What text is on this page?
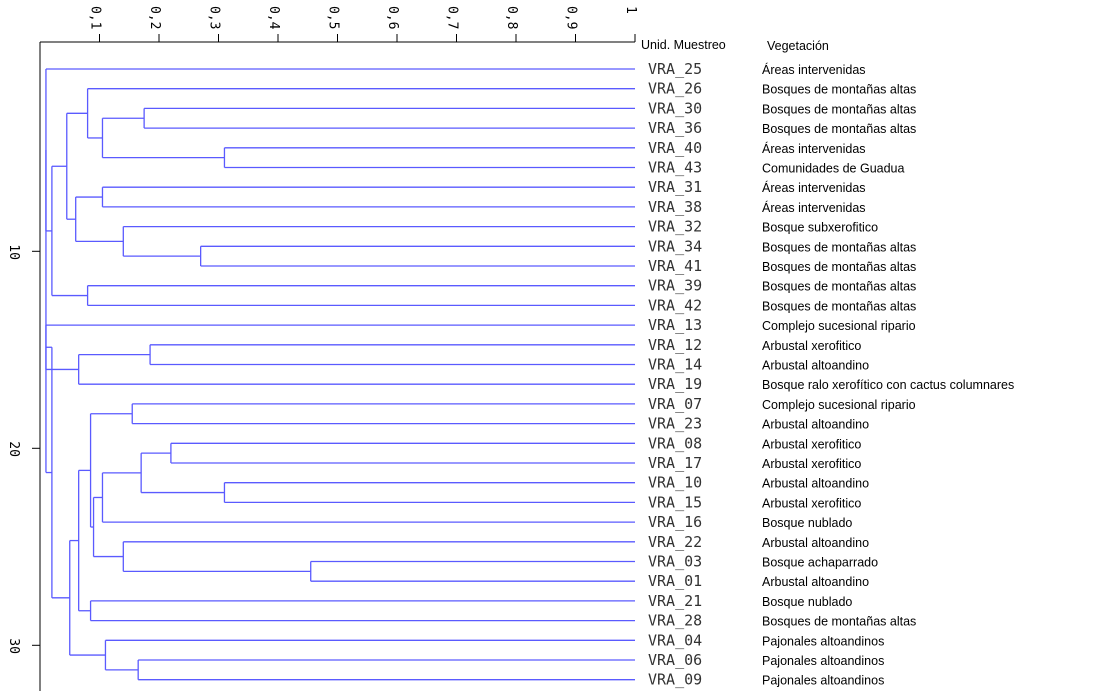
0,1	0,2	0,3	0,4	0,5	0,6	0,7	0,8	0,9	1
10
20
30
VRA_25	Áreas intervenidas
VRA_26	Bosques de montañas altas
VRA_30	Bosques de montañas altas
VRA_36	Bosques de montañas altas
VRA_40	Áreas intervenidas
VRA_43	Comunidades de Guadua
VRA_31	Áreas intervenidas
VRA_38	Áreas intervenidas
VRA_32	Bosque subxerofitico
VRA_34	Bosques de montañas altas
VRA_41	Bosques de montañas altas
VRA_39	Bosques de montañas altas
VRA_42	Bosques de montañas altas
VRA_13	Complejo sucesional ripario
VRA_12	Arbustal xerofitico
VRA_14	Arbustal altoandino
VRA_19	Bosque ralo xerofítico con cactus columnares
VRA_07	Complejo sucesional ripario
VRA_23	Arbustal altoandino
VRA_08	Arbustal xerofitico
VRA_17	Arbustal xerofitico
VRA_10	Arbustal altoandino
VRA_15	Arbustal xerofitico
VRA_16	Bosque nublado
VRA_22	Arbustal altoandino
VRA_03	Bosque achaparrado
VRA_01	Arbustal altoandino
VRA_21	Bosque nublado
VRA_28	Bosques de montañas altas
VRA_04	Pajonales altoandinos
VRA_06	Pajonales altoandinos
VRA_09	Pajonales altoandinos
Unid. Muestreo	Vegetación
